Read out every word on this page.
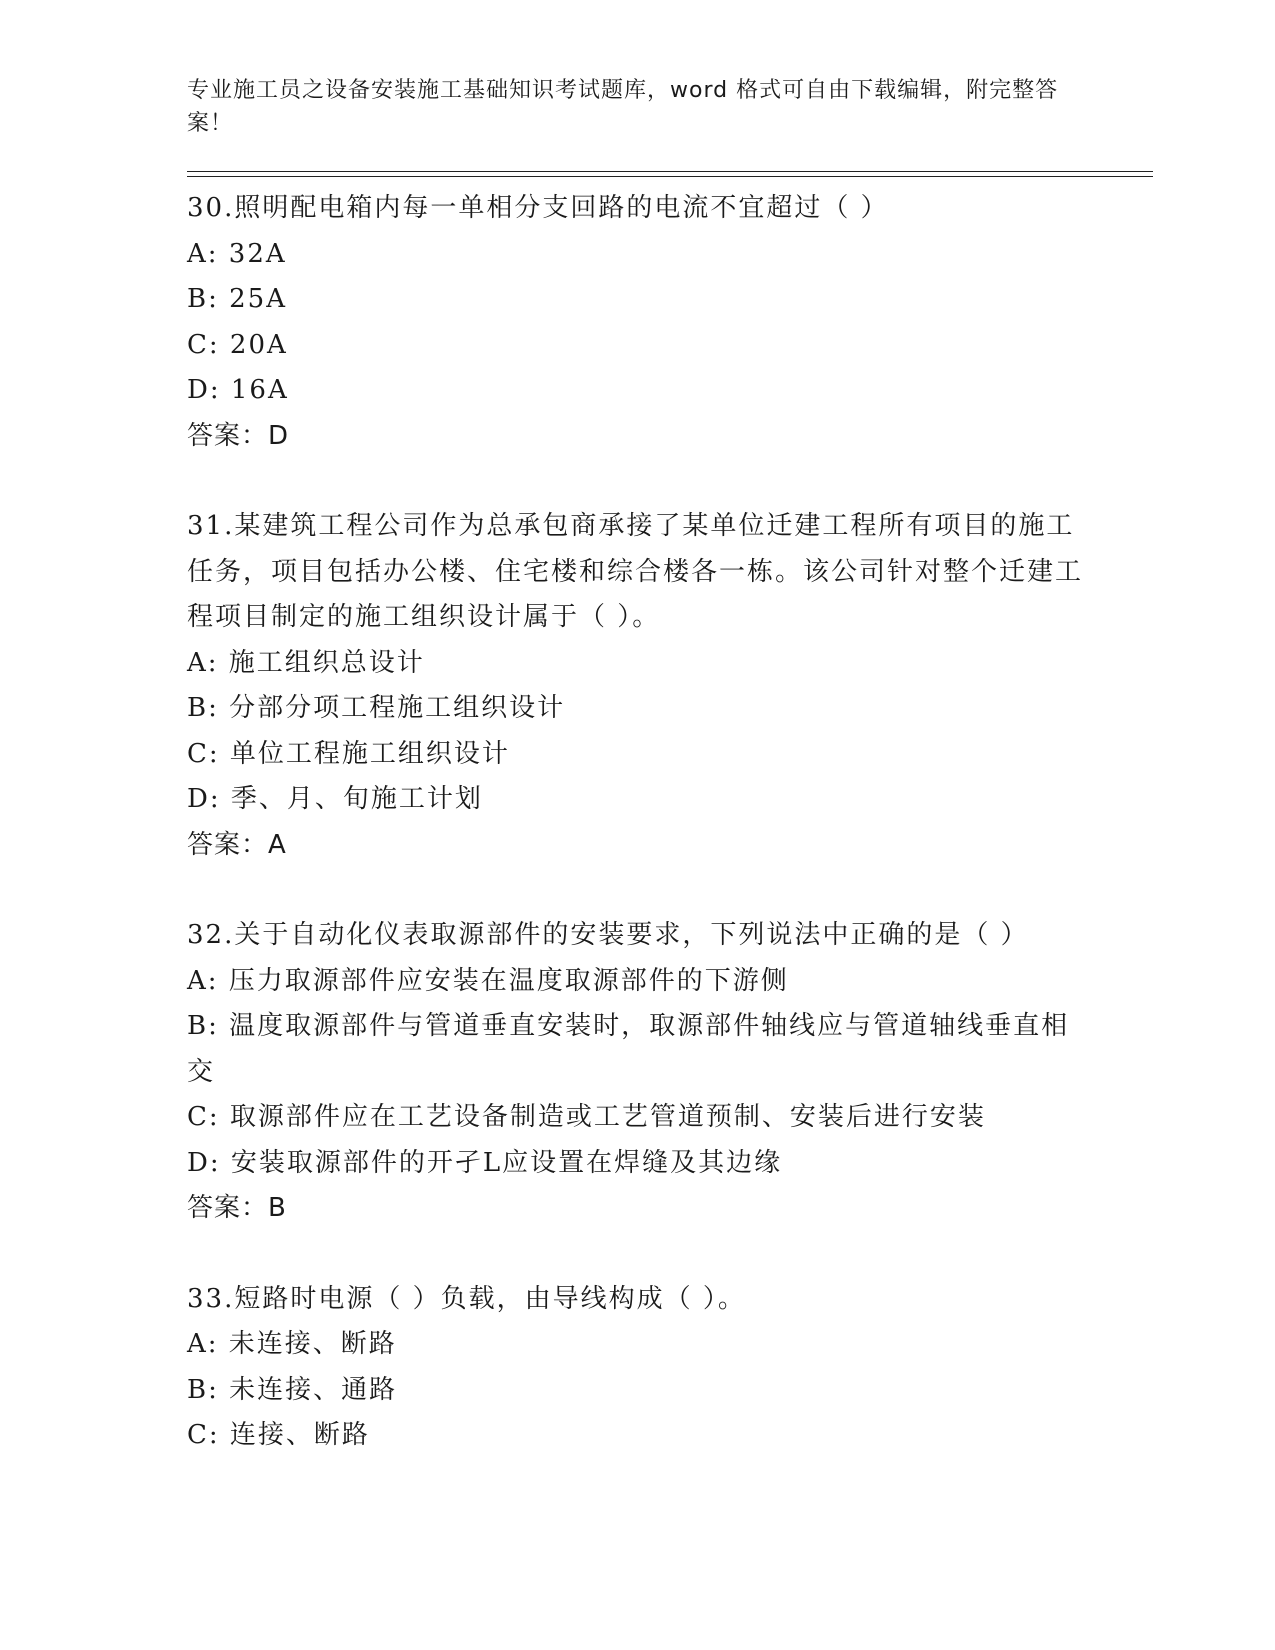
专业施工员之设备安装施工基础知识考试题库，word 格式可自由下载编辑，附完整答案！
30.照明配电箱内每一单相分支回路的电流不宜超过（ ）
A: 32A
B: 25A
C: 20A
D: 16A
答案：D
31.某建筑工程公司作为总承包商承接了某单位迁建工程所有项目的施工任务，项目包括办公楼、住宅楼和综合楼各一栋。该公司针对整个迁建工程项目制定的施工组织设计属于（ ）。
A: 施工组织总设计
B: 分部分项工程施工组织设计
C: 单位工程施工组织设计
D: 季、月、旬施工计划
答案：A
32.关于自动化仪表取源部件的安装要求，下列说法中正确的是（ ）
A: 压力取源部件应安装在温度取源部件的下游侧
B: 温度取源部件与管道垂直安装时，取源部件轴线应与管道轴线垂直相交
C: 取源部件应在工艺设备制造或工艺管道预制、安装后进行安装
D: 安装取源部件的开孑L应设置在焊缝及其边缘
答案：B
33.短路时电源（ ）负载，由导线构成（ ）。
A: 未连接、断路
B: 未连接、通路
C: 连接、断路
